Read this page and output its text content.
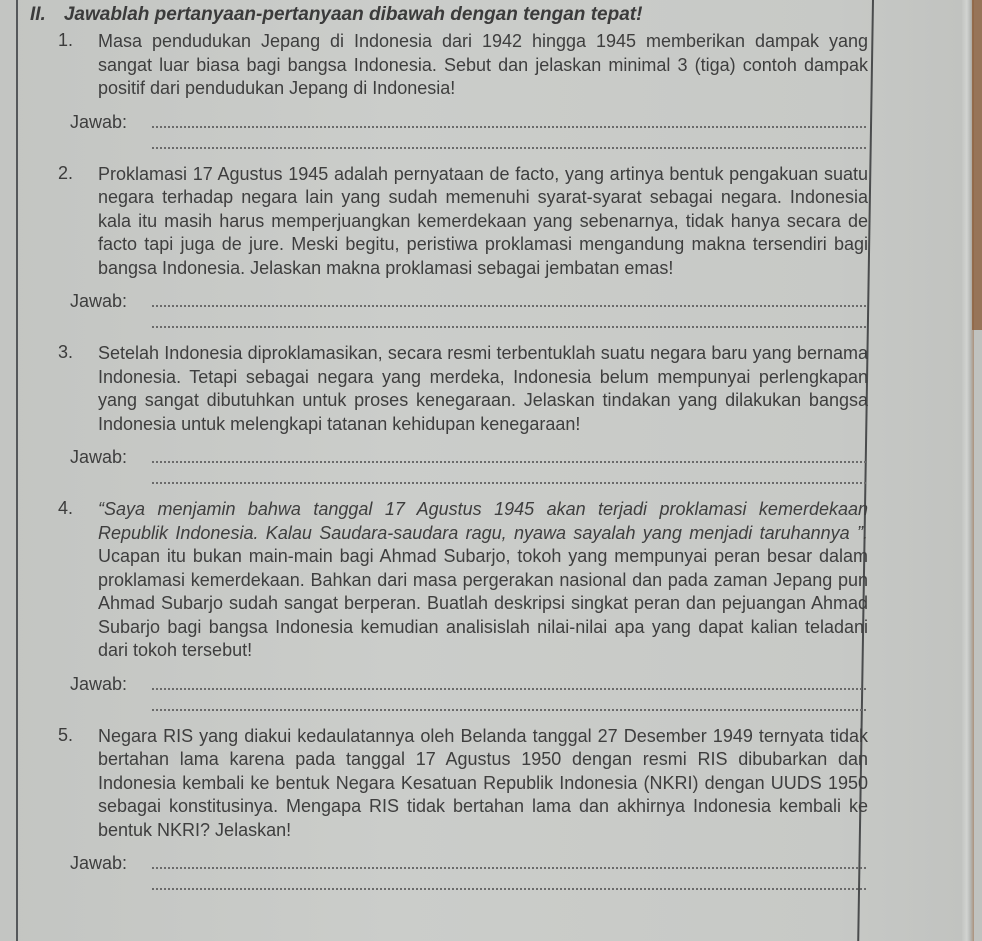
II. Jawablah pertanyaan-pertanyaan dibawah dengan tengan tepat!
1.	Masa pendudukan Jepang di Indonesia dari 1942 hingga 1945 memberikan dampak yang sangat luar biasa bagi bangsa Indonesia. Sebut dan jelaskan minimal 3 (tiga) contoh dampak positif dari pendudukan Jepang di Indonesia!
Jawab:
2.	Proklamasi 17 Agustus 1945 adalah pernyataan de facto, yang artinya bentuk pengakuan suatu negara terhadap negara lain yang sudah memenuhi syarat-syarat sebagai negara. Indonesia kala itu masih harus memperjuangkan kemerdekaan yang sebenarnya, tidak hanya secara de facto tapi juga de jure. Meski begitu, peristiwa proklamasi mengandung makna tersendiri bagi bangsa Indonesia. Jelaskan makna proklamasi sebagai jembatan emas!
Jawab:
3.	Setelah Indonesia diproklamasikan, secara resmi terbentuklah suatu negara baru yang bernama Indonesia. Tetapi sebagai negara yang merdeka, Indonesia belum mempunyai perlengkapan yang sangat dibutuhkan untuk proses kenegaraan. Jelaskan tindakan yang dilakukan bangsa Indonesia untuk melengkapi tatanan kehidupan kenegaraan!
Jawab:
4.	“Saya menjamin bahwa tanggal 17 Agustus 1945 akan terjadi proklamasi kemerdekaan Republik Indonesia. Kalau Saudara-saudara ragu, nyawa sayalah yang menjadi taruhannya ”. Ucapan itu bukan main-main bagi Ahmad Subarjo, tokoh yang mempunyai peran besar dalam proklamasi kemerdekaan. Bahkan dari masa pergerakan nasional dan pada zaman Jepang pun Ahmad Subarjo sudah sangat berperan. Buatlah deskripsi singkat peran dan pejuangan Ahmad Subarjo bagi bangsa Indonesia kemudian analisislah nilai-nilai apa yang dapat kalian teladani dari tokoh tersebut!
Jawab:
5.	Negara RIS yang diakui kedaulatannya oleh Belanda tanggal 27 Desember 1949 ternyata tidak bertahan lama karena pada tanggal 17 Agustus 1950 dengan resmi RIS dibubarkan dan Indonesia kembali ke bentuk Negara Kesatuan Republik Indonesia (NKRI) dengan UUDS 1950 sebagai konstitusinya. Mengapa RIS tidak bertahan lama dan akhirnya Indonesia kembali ke bentuk NKRI? Jelaskan!
Jawab:
